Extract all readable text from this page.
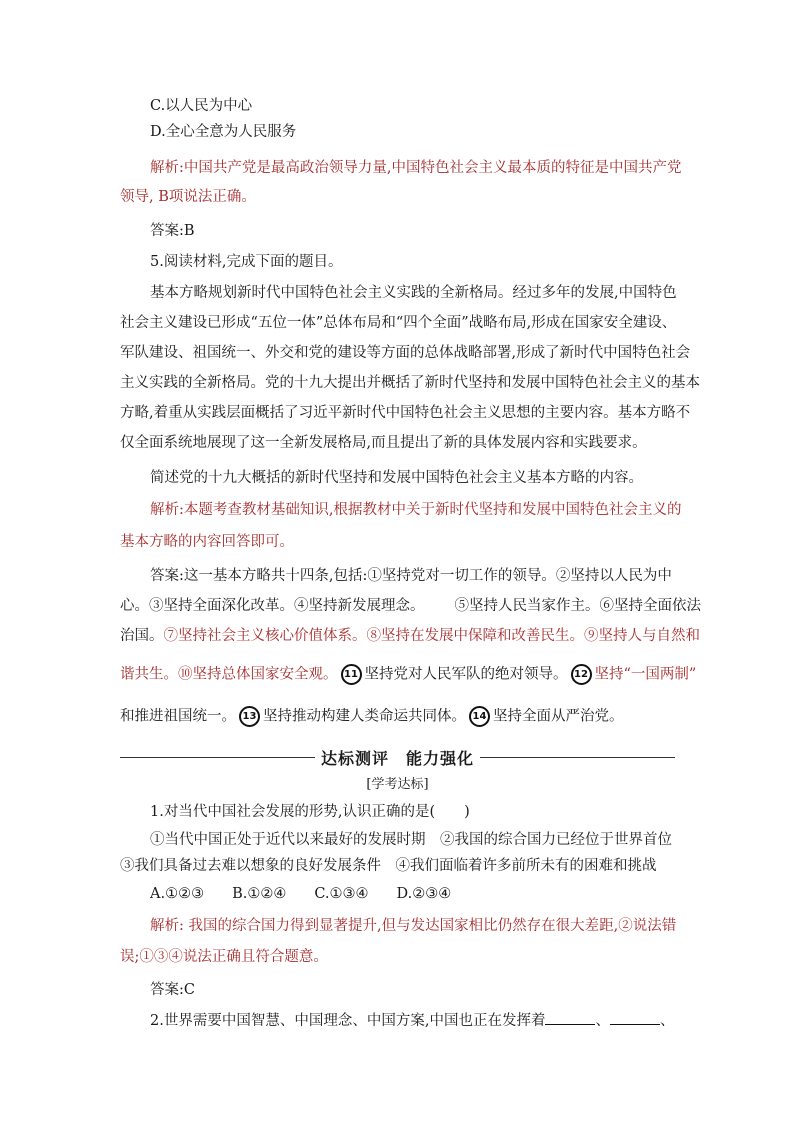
C.以人民为中心
D.全心全意为人民服务
解析:中国共产党是最高政治领导力量,中国特色社会主义最本质的特征是中国共产党
领导, B项说法正确。
答案:B
5.阅读材料,完成下面的题目。
基本方略规划新时代中国特色社会主义实践的全新格局。经过多年的发展,中国特色
社会主义建设已形成“五位一体”总体布局和“四个全面”战略布局,形成在国家安全建设、
军队建设、祖国统一、外交和党的建设等方面的总体战略部署,形成了新时代中国特色社会
主义实践的全新格局。党的十九大提出并概括了新时代坚持和发展中国特色社会主义的基本
方略,着重从实践层面概括了习近平新时代中国特色社会主义思想的主要内容。基本方略不
仅全面系统地展现了这一全新发展格局,而且提出了新的具体发展内容和实践要求。
简述党的十九大概括的新时代坚持和发展中国特色社会主义基本方略的内容。
解析:本题考查教材基础知识,根据教材中关于新时代坚持和发展中国特色社会主义的
基本方略的内容回答即可。
答案:这一基本方略共十四条,包括:①坚持党对一切工作的领导。②坚持以人民为中
心。③坚持全面深化改革。④坚持新发展理念。 ⑤坚持人民当家作主。⑥坚持全面依法
治国。⑦坚持社会主义核心价值体系。⑧坚持在发展中保障和改善民生。⑨坚持人与自然和
谐共生。⑩坚持总体国家安全观。 11 坚持党对人民军队的绝对领导。 12 坚持“一国两制”
和推进祖国统一。 13 坚持推动构建人类命运共同体。 14 坚持全面从严治党。
达标测评　能力强化
[学考达标]
1.对当代中国社会发展的形势,认识正确的是(　　)
①当代中国正处于近代以来最好的发展时期　②我国的综合国力已经位于世界首位
③我们具备过去难以想象的良好发展条件　④我们面临着许多前所未有的困难和挑战
A.①②③ B.①②④ C.①③④ D.②③④
解析: 我国的综合国力得到显著提升,但与发达国家相比仍然存在很大差距,②说法错
误;①③④说法正确且符合题意。
答案:C
2.世界需要中国智慧、中国理念、中国方案,中国也正在发挥着	、	、
